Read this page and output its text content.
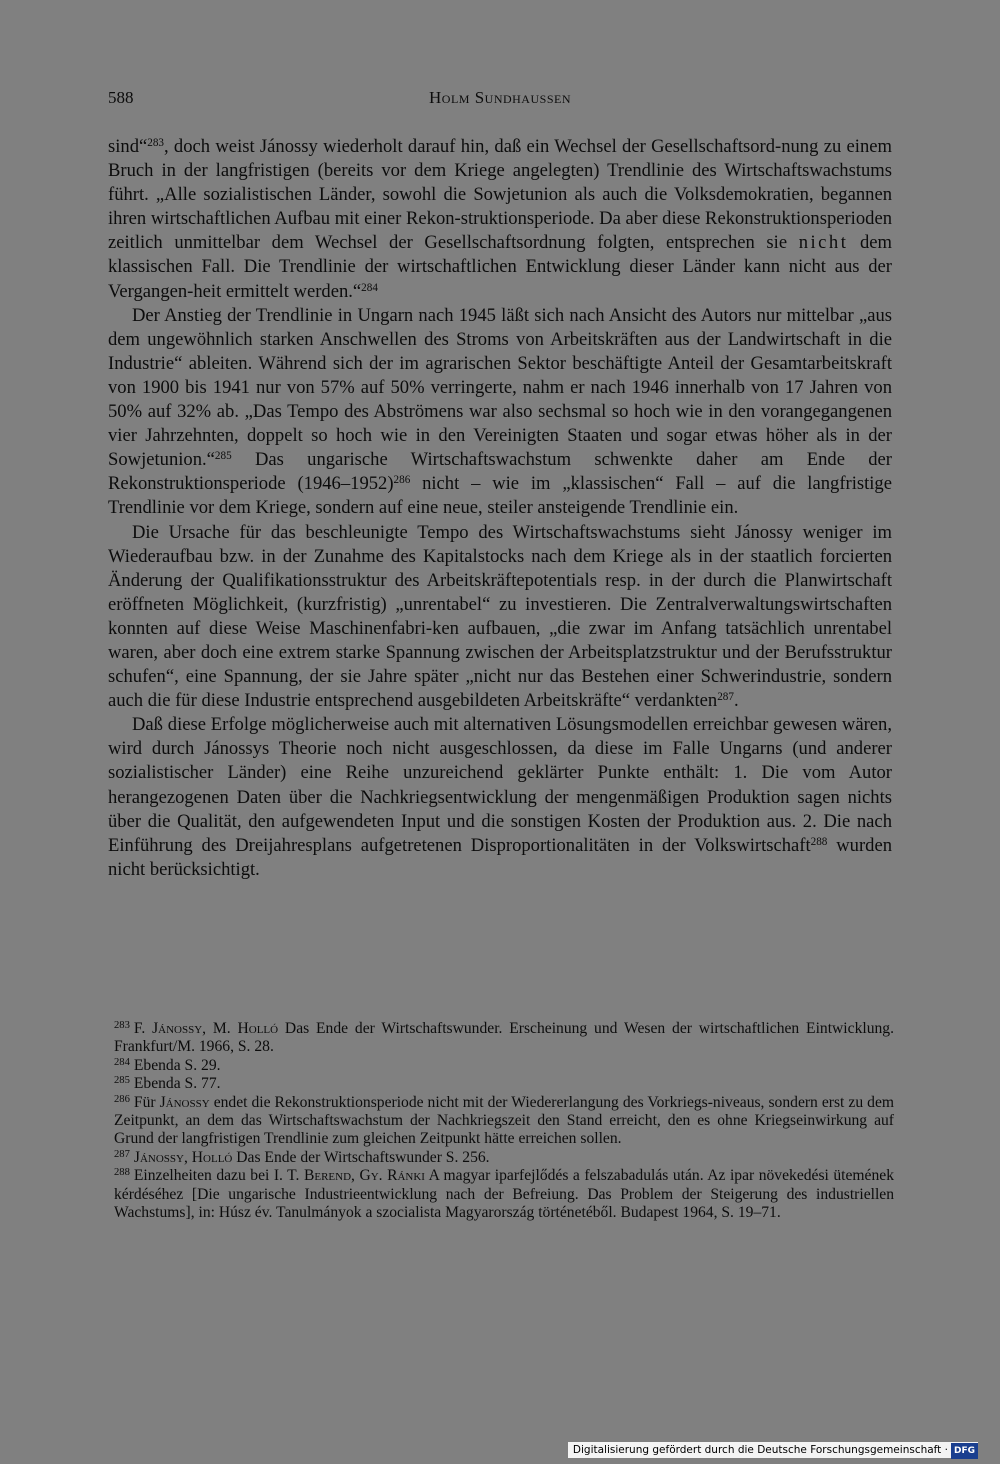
588	Holm Sundhaussen

sind“$^{283}$, doch weist Jánossy wiederholt darauf hin, daß ein Wechsel der Gesellschaftsord-nung zu einem Bruch in der langfristigen (bereits vor dem Kriege angelegten) Trendlinie des Wirtschaftswachstums führt. „Alle sozialistischen Länder, sowohl die Sowjetunion als auch die Volksdemokratien, begannen ihren wirtschaftlichen Aufbau mit einer Rekon-struktionsperiode. Da aber diese Rekonstruktionsperioden zeitlich unmittelbar dem Wechsel der Gesellschaftsordnung folgten, entsprechen sie nicht dem klassischen Fall. Die Trendlinie der wirtschaftlichen Entwicklung dieser Länder kann nicht aus der Vergangen-heit ermittelt werden.“$^{284}$

Der Anstieg der Trendlinie in Ungarn nach 1945 läßt sich nach Ansicht des Autors nur mittelbar „aus dem ungewöhnlich starken Anschwellen des Stroms von Arbeitskräften aus der Landwirtschaft in die Industrie“ ableiten. Während sich der im agrarischen Sektor beschäftigte Anteil der Gesamtarbeitskraft von 1900 bis 1941 nur von 57% auf 50% verringerte, nahm er nach 1946 innerhalb von 17 Jahren von 50% auf 32% ab. „Das Tempo des Abströmens war also sechsmal so hoch wie in den vorangegangenen vier Jahrzehnten, doppelt so hoch wie in den Vereinigten Staaten und sogar etwas höher als in der Sowjetunion.“$^{285}$ Das ungarische Wirtschaftswachstum schwenkte daher am Ende der Rekonstruktionsperiode (1946–1952)$^{286}$ nicht – wie im „klassischen“ Fall – auf die langfristige Trendlinie vor dem Kriege, sondern auf eine neue, steiler ansteigende Trendlinie ein.

Die Ursache für das beschleunigte Tempo des Wirtschaftswachstums sieht Jánossy weniger im Wiederaufbau bzw. in der Zunahme des Kapitalstocks nach dem Kriege als in der staatlich forcierten Änderung der Qualifikationsstruktur des Arbeitskräftepotentials resp. in der durch die Planwirtschaft eröffneten Möglichkeit, (kurzfristig) „unrentabel“ zu investieren. Die Zentralverwaltungswirtschaften konnten auf diese Weise Maschinenfabri-ken aufbauen, „die zwar im Anfang tatsächlich unrentabel waren, aber doch eine extrem starke Spannung zwischen der Arbeitsplatzstruktur und der Berufsstruktur schufen“, eine Spannung, der sie Jahre später „nicht nur das Bestehen einer Schwerindustrie, sondern auch die für diese Industrie entsprechend ausgebildeten Arbeitskräfte“ verdankten$^{287}$.

Daß diese Erfolge möglicherweise auch mit alternativen Lösungsmodellen erreichbar gewesen wären, wird durch Jánossys Theorie noch nicht ausgeschlossen, da diese im Falle Ungarns (und anderer sozialistischer Länder) eine Reihe unzureichend geklärter Punkte enthält: 1. Die vom Autor herangezogenen Daten über die Nachkriegsentwicklung der mengenmäßigen Produktion sagen nichts über die Qualität, den aufgewendeten Input und die sonstigen Kosten der Produktion aus. 2. Die nach Einführung des Dreijahresplans aufgetretenen Disproportionalitäten in der Volkswirtschaft$^{288}$ wurden nicht berücksichtigt.

$^{283}$ F. Jánossy, M. Holló Das Ende der Wirtschaftswunder. Erscheinung und Wesen der wirtschaftlichen Eintwicklung. Frankfurt/M. 1966, S. 28.
$^{284}$ Ebenda S. 29.
$^{285}$ Ebenda S. 77.
$^{286}$ Für Jánossy endet die Rekonstruktionsperiode nicht mit der Wiedererlangung des Vorkriegs-niveaus, sondern erst zu dem Zeitpunkt, an dem das Wirtschaftswachstum der Nachkriegszeit den Stand erreicht, den es ohne Kriegseinwirkung auf Grund der langfristigen Trendlinie zum gleichen Zeitpunkt hätte erreichen sollen.
$^{287}$ Jánossy, Holló Das Ende der Wirtschaftswunder S. 256.
$^{288}$ Einzelheiten dazu bei I. T. Berend, Gy. Ránki A magyar iparfejlődés a felszabadulás után. Az ipar növekedési ütemének kérdéséhez [Die ungarische Industrieentwicklung nach der Befreiung. Das Problem der Steigerung des industriellen Wachstums], in: Húsz év. Tanulmányok a szocialista Magyarország történetéből. Budapest 1964, S. 19–71.
Digitalisierung gefördert durch die Deutsche Forschungsgemeinschaft · DFG
